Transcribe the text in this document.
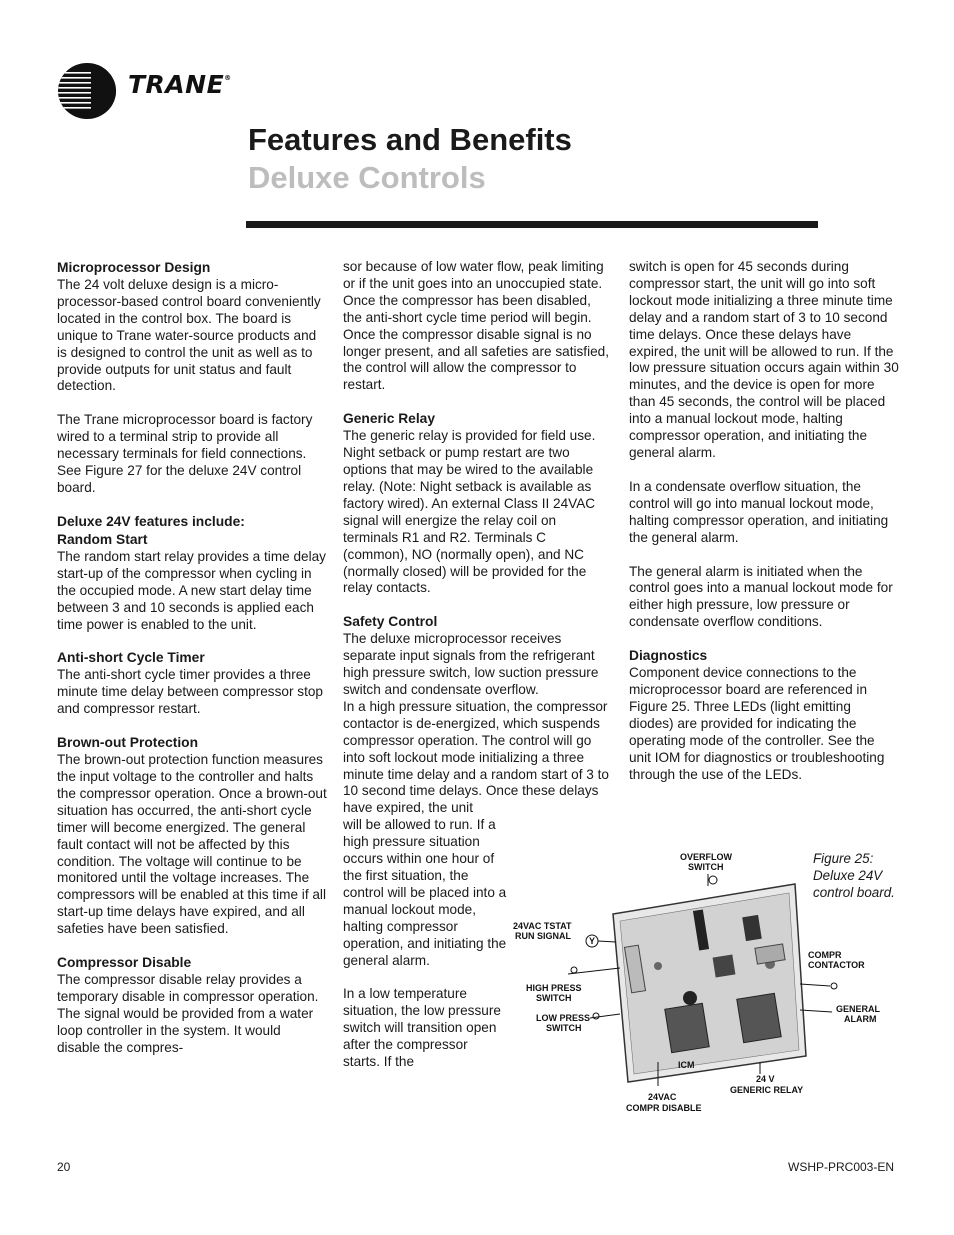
TRANE®
Features and Benefits
Deluxe Controls
Microprocessor Design

The 24 volt deluxe design is a micro-processor-based control board conveniently located in the control box. The board is unique to Trane water-source products and is designed to control the unit as well as to provide outputs for unit status and fault detection.

The Trane microprocessor board is factory wired to a terminal strip to provide all necessary terminals for field connections. See Figure 27 for the deluxe 24V control board.

Deluxe 24V features include:
Random Start

The random start relay provides a time delay start-up of the compressor when cycling in the occupied mode. A new start delay time between 3 and 10 seconds is applied each time power is enabled to the unit.

Anti-short Cycle Timer

The anti-short cycle timer provides a three minute time delay between compressor stop and compressor restart.

Brown-out Protection

The brown-out protection function measures the input voltage to the controller and halts the compressor operation. Once a brown-out situation has occurred, the anti-short cycle timer will become energized. The general fault contact will not be affected by this condition. The voltage will continue to be monitored until the voltage increases. The compressors will be enabled at this time if all start-up time delays have expired, and all safeties have been satisfied.

Compressor Disable

The compressor disable relay provides a temporary disable in compressor operation. The signal would be provided from a water loop controller in the system. It would disable the compres-

sor because of low water flow, peak limiting or if the unit goes into an unoccupied state. Once the compressor has been disabled, the anti-short cycle time period will begin. Once the compressor disable signal is no longer present, and all safeties are satisfied, the control will allow the compressor to restart.

Generic Relay

The generic relay is provided for field use. Night setback or pump restart are two options that may be wired to the available relay. (Note: Night setback is available as factory wired). An external Class II 24VAC signal will energize the relay coil on terminals R1 and R2. Terminals C (common), NO (normally open), and NC (normally closed) will be provided for the relay contacts.

Safety Control

The deluxe microprocessor receives separate input signals from the refrigerant high pressure switch, low suction pressure switch and condensate overflow.

In a high pressure situation, the compressor contactor is de-energized, which suspends compressor operation. The control will go into soft lockout mode initializing a three minute time delay and a random start of 3 to 10 second time delays. Once these delays have expired, the unit

will be allowed to run. If a high pressure situation occurs within one hour of the first situation, the control will be placed into a manual lockout mode, halting compressor operation, and initiating the general alarm.

In a low temperature situation, the low pressure switch will transition open after the compressor starts. If the

switch is open for 45 seconds during compressor start, the unit will go into soft lockout mode initializing a three minute time delay and a random start of 3 to 10 second time delays. Once these delays have expired, the unit will be allowed to run. If the low pressure situation occurs again within 30 minutes, and the device is open for more than 45 seconds, the control will be placed into a manual lockout mode, halting compressor operation, and initiating the general alarm.

In a condensate overflow situation, the control will go into manual lockout mode, halting compressor operation, and initiating the general alarm.

The general alarm is initiated when the control goes into a manual lockout mode for either high pressure, low pressure or condensate overflow conditions.

Diagnostics

Component device connections to the microprocessor board are referenced in Figure 25. Three LEDs (light emitting diodes) are provided for indicating the operating mode of the controller. See the unit IOM for diagnostics or troubleshooting through the use of the LEDs.

ICM
OVERFLOW
SWITCH
24VAC TSTAT
RUN SIGNAL Y
HIGH PRESS
SWITCH
LOW PRESS
SWITCH
COMPR
CONTACTOR
GENERAL
ALARM
24VAC
COMPR DISABLE
24 V
GENERIC RELAY
Figure 25: Deluxe 24V control board.
20	WSHP-PRC003-EN
